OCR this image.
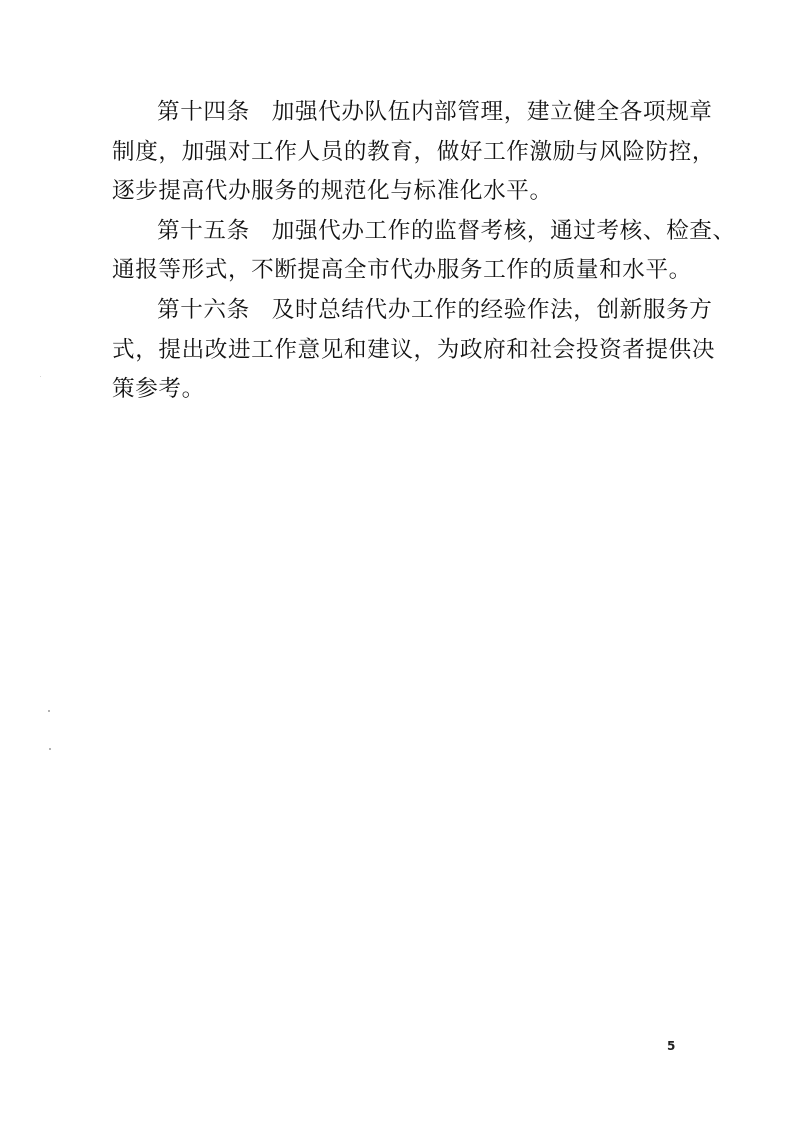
第十四条 加强代办队伍内部管理，建立健全各项规章
制度，加强对工作人员的教育，做好工作激励与风险防控，
逐步提高代办服务的规范化与标准化水平。
第十五条 加强代办工作的监督考核，通过考核、检查、
通报等形式，不断提高全市代办服务工作的质量和水平。
第十六条 及时总结代办工作的经验作法，创新服务方
式，提出改进工作意见和建议，为政府和社会投资者提供决
策参考。
5
